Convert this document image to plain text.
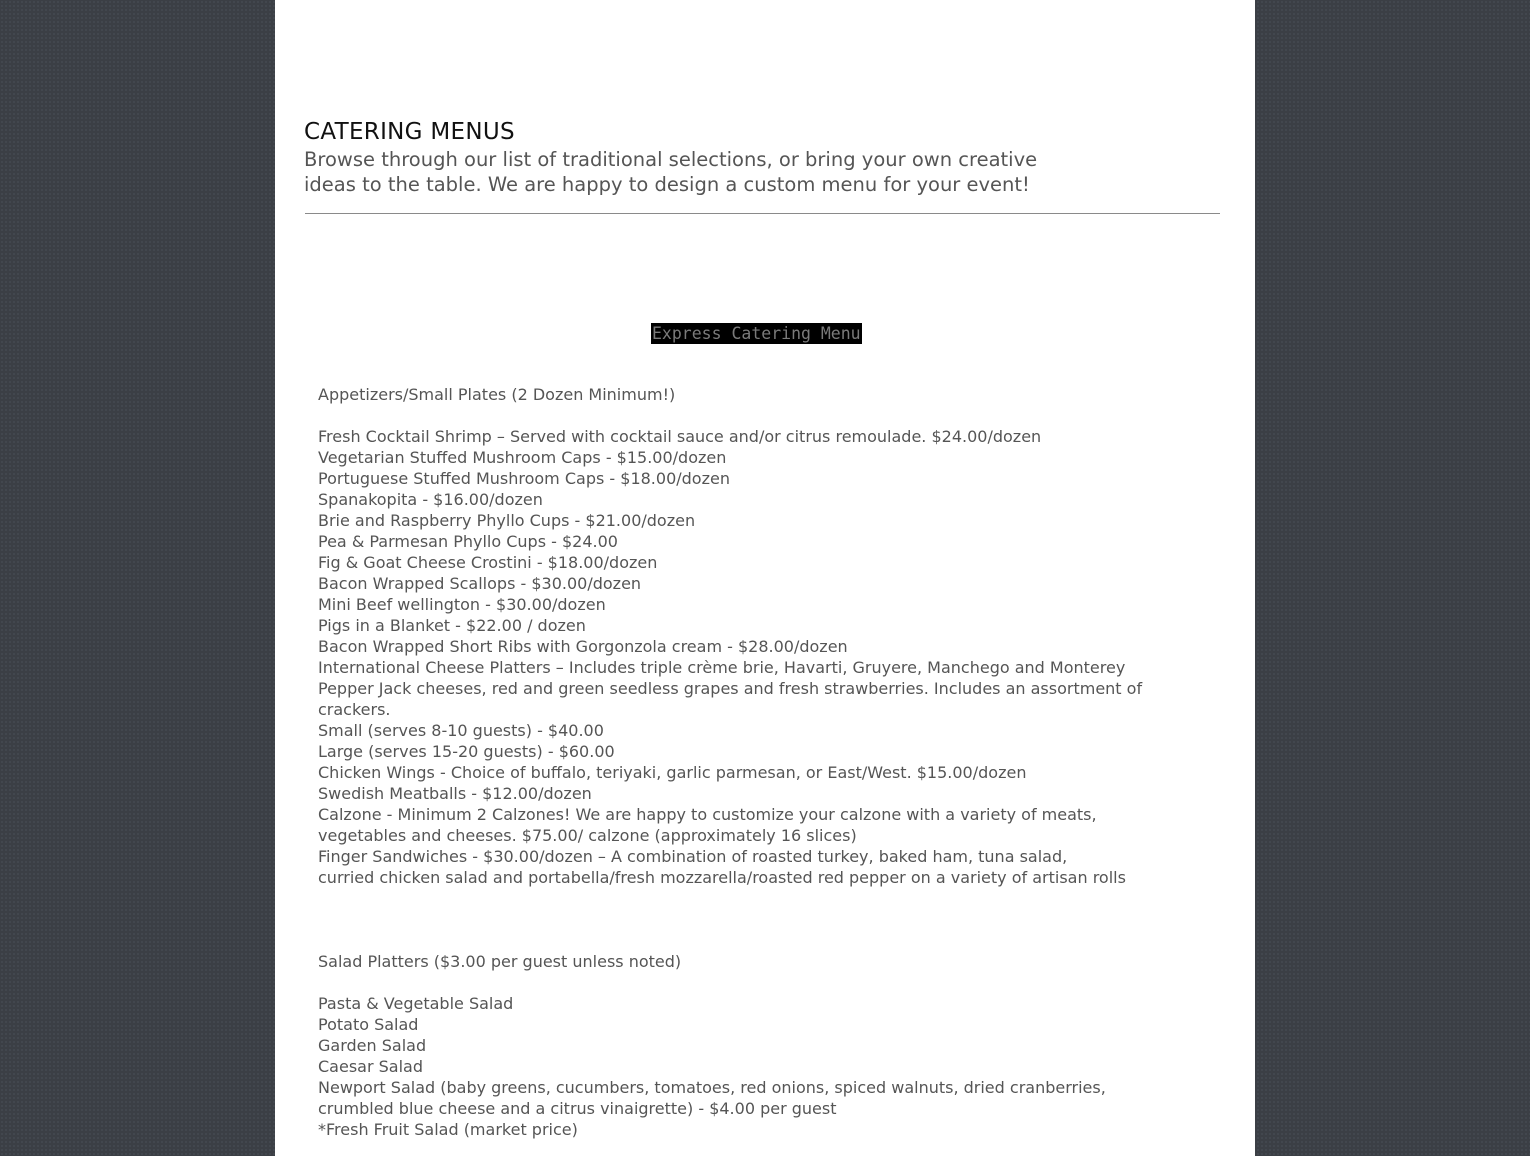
CATERING MENUS
Browse through our list of traditional selections, or bring your own creative
ideas to the table. We are happy to design a custom menu for your event!
Express Catering Menu
Appetizers/Small Plates (2 Dozen Minimum!)
Fresh Cocktail Shrimp – Served with cocktail sauce and/or citrus remoulade. $24.00/dozen
Vegetarian Stuffed Mushroom Caps - $15.00/dozen
Portuguese Stuffed Mushroom Caps - $18.00/dozen
Spanakopita - $16.00/dozen
Brie and Raspberry Phyllo Cups - $21.00/dozen
Pea & Parmesan Phyllo Cups - $24.00
Fig & Goat Cheese Crostini - $18.00/dozen
Bacon Wrapped Scallops - $30.00/dozen
Mini Beef wellington - $30.00/dozen
Pigs in a Blanket - $22.00 / dozen
Bacon Wrapped Short Ribs with Gorgonzola cream - $28.00/dozen
International Cheese Platters – Includes triple crème brie, Havarti, Gruyere, Manchego and Monterey
Pepper Jack cheeses, red and green seedless grapes and fresh strawberries. Includes an assortment of
crackers.
Small (serves 8-10 guests) - $40.00
Large (serves 15-20 guests) - $60.00
Chicken Wings - Choice of buffalo, teriyaki, garlic parmesan, or East/West. $15.00/dozen
Swedish Meatballs - $12.00/dozen
Calzone - Minimum 2 Calzones! We are happy to customize your calzone with a variety of meats,
vegetables and cheeses. $75.00/ calzone (approximately 16 slices)
Finger Sandwiches - $30.00/dozen – A combination of roasted turkey, baked ham, tuna salad,
curried chicken salad and portabella/fresh mozzarella/roasted red pepper on a variety of artisan rolls
Salad Platters ($3.00 per guest unless noted)
Pasta & Vegetable Salad
Potato Salad
Garden Salad
Caesar Salad
Newport Salad (baby greens, cucumbers, tomatoes, red onions, spiced walnuts, dried cranberries,
crumbled blue cheese and a citrus vinaigrette) - $4.00 per guest
*Fresh Fruit Salad (market price)
